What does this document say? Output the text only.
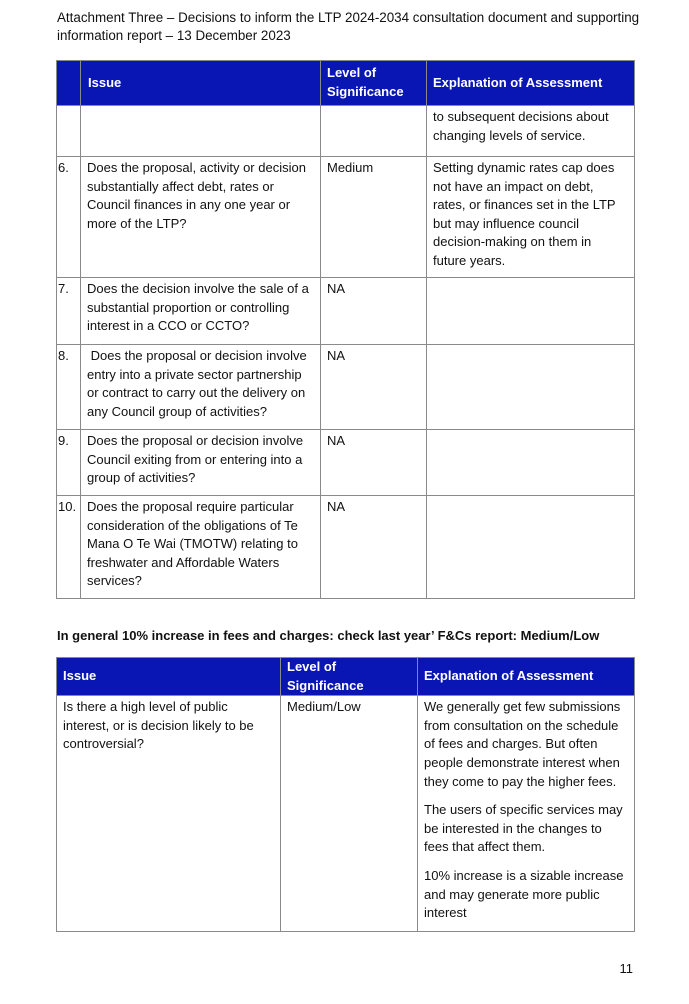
Attachment Three – Decisions to inform the LTP 2024-2034 consultation document and supporting
information report – 13 December 2023
	Issue	Level of Significance	Explanation of Assessment
			to subsequent decisions about changing levels of service.
6.	Does the proposal, activity or decision substantially affect debt, rates or Council finances in any one year or more of the LTP?	Medium	Setting dynamic rates cap does not have an impact on debt, rates, or finances set in the LTP but may influence council decision-making on them in future years.
7.	Does the decision involve the sale of a substantial proportion or controlling interest in a CCO or CCTO?	NA	
8.	Does the proposal or decision involve entry into a private sector partnership or contract to carry out the delivery on any Council group of activities?	NA	
9.	Does the proposal or decision involve Council exiting from or entering into a group of activities?	NA	
10.	Does the proposal require particular consideration of the obligations of Te Mana O Te Wai (TMOTW) relating to freshwater and Affordable Waters services?	NA	
In general 10% increase in fees and charges: check last year’ F&Cs report: Medium/Low
Issue	Level of Significance	Explanation of Assessment
Is there a high level of public interest, or is decision likely to be controversial?	Medium/Low	We generally get few submissions from consultation on the schedule of fees and charges. But often people demonstrate interest when they come to pay the higher fees.
The users of specific services may be interested in the changes to fees that affect them.
10% increase is a sizable increase and may generate more public interest
11
